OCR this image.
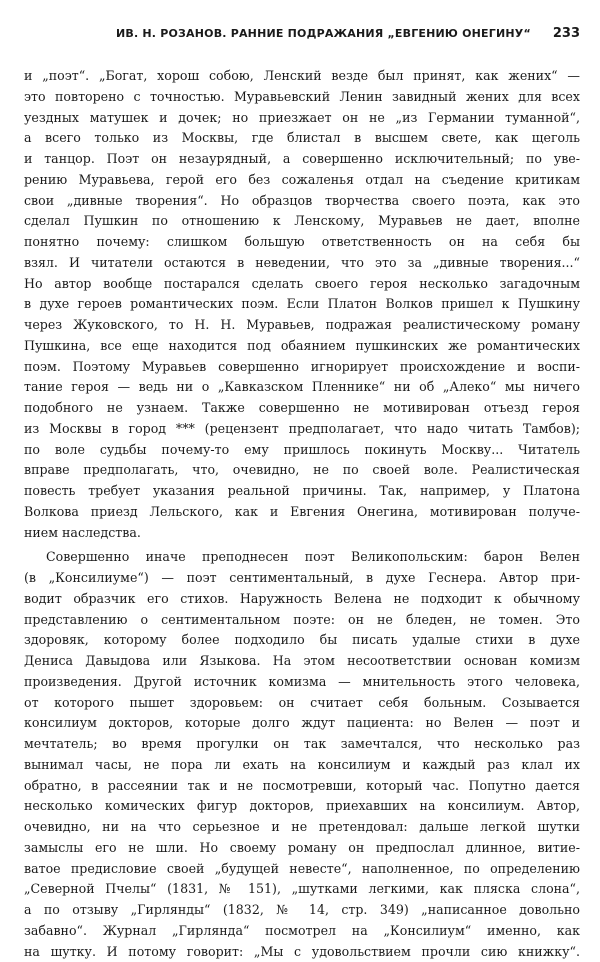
ИВ. Н. РОЗАНОВ. РАННИЕ ПОДРАЖАНИЯ „ЕВГЕНИЮ ОНЕГИНУ“ 233
и „поэт“. „Богат, хорош собою, Ленский везде был принят, как жених“ —
это повторено с точностью. Муравьевский Ленин завидный жених для всех
уездных матушек и дочек; но приезжает он не „из Германии туманной“,
а всего только из Москвы, где блистал в высшем свете, как щеголь
и танцор. Поэт он незаурядный, а совершенно исключительный; по уве-
рению Муравьева, герой его без сожаленья отдал на съедение критикам
свои „дивные творения“. Но образцов творчества своего поэта, как это
сделал Пушкин по отношению к Ленскому, Муравьев не дает, вполне
понятно почему: слишком большую ответственность он на себя бы
взял. И читатели остаются в неведении, что это за „дивные творения...“
Но автор вообще постарался сделать своего героя несколько загадочным
в духе героев романтических поэм. Если Платон Волков пришел к Пушкину
через Жуковского, то Н. Н. Муравьев, подражая реалистическому роману
Пушкина, все еще находится под обаянием пушкинских же романтических
поэм. Поэтому Муравьев совершенно игнорирует происхождение и воспи-
тание героя — ведь ни о „Кавказском Пленнике“ ни об „Алеко“ мы ничего
подобного не узнаем. Также совершенно не мотивирован отъезд героя
из Москвы в город *** (рецензент предполагает, что надо читать Тамбов);
по воле судьбы почему-то ему пришлось покинуть Москву... Читатель
вправе предполагать, что, очевидно, не по своей воле. Реалистическая
повесть требует указания реальной причины. Так, например, у Платона
Волкова приезд Лельского, как и Евгения Онегина, мотивирован получе-
нием наследства.
Совершенно иначе преподнесен поэт Великопольским: барон Велен
(в „Консилиуме“) — поэт сентиментальный, в духе Геснера. Автор при-
водит образчик его стихов. Наружность Велена не подходит к обычному
представлению о сентиментальном поэте: он не бледен, не томен. Это
здоровяк, которому более подходило бы писать удалые стихи в духе
Дениса Давыдова или Языкова. На этом несоответствии основан комизм
произведения. Другой источник комизма — мнительность этого человека,
от которого пышет здоровьем: он считает себя больным. Созывается
консилиум докторов, которые долго ждут пациента: но Велен — поэт и
мечтатель; во время прогулки он так замечтался, что несколько раз
вынимал часы, не пора ли ехать на консилиум и каждый раз клал их
обратно, в рассеянии так и не посмотревши, который час. Попутно дается
несколько комических фигур докторов, приехавших на консилиум. Автор,
очевидно, ни на что серьезное и не претендовал: дальше легкой шутки
замыслы его не шли. Но своему роману он предпослал длинное, витие-
ватое предисловие своей „будущей невесте“, наполненное, по определению
„Северной Пчелы“ (1831, № 151), „шутками легкими, как пляска слона“,
а по отзыву „Гирлянды“ (1832, № 14, стр. 349) „написанное довольно
забавно“. Журнал „Гирлянда“ посмотрел на „Консилиум“ именно, как
на шутку. И потому говорит: „Мы с удовольствием прочли сию книжку“.
